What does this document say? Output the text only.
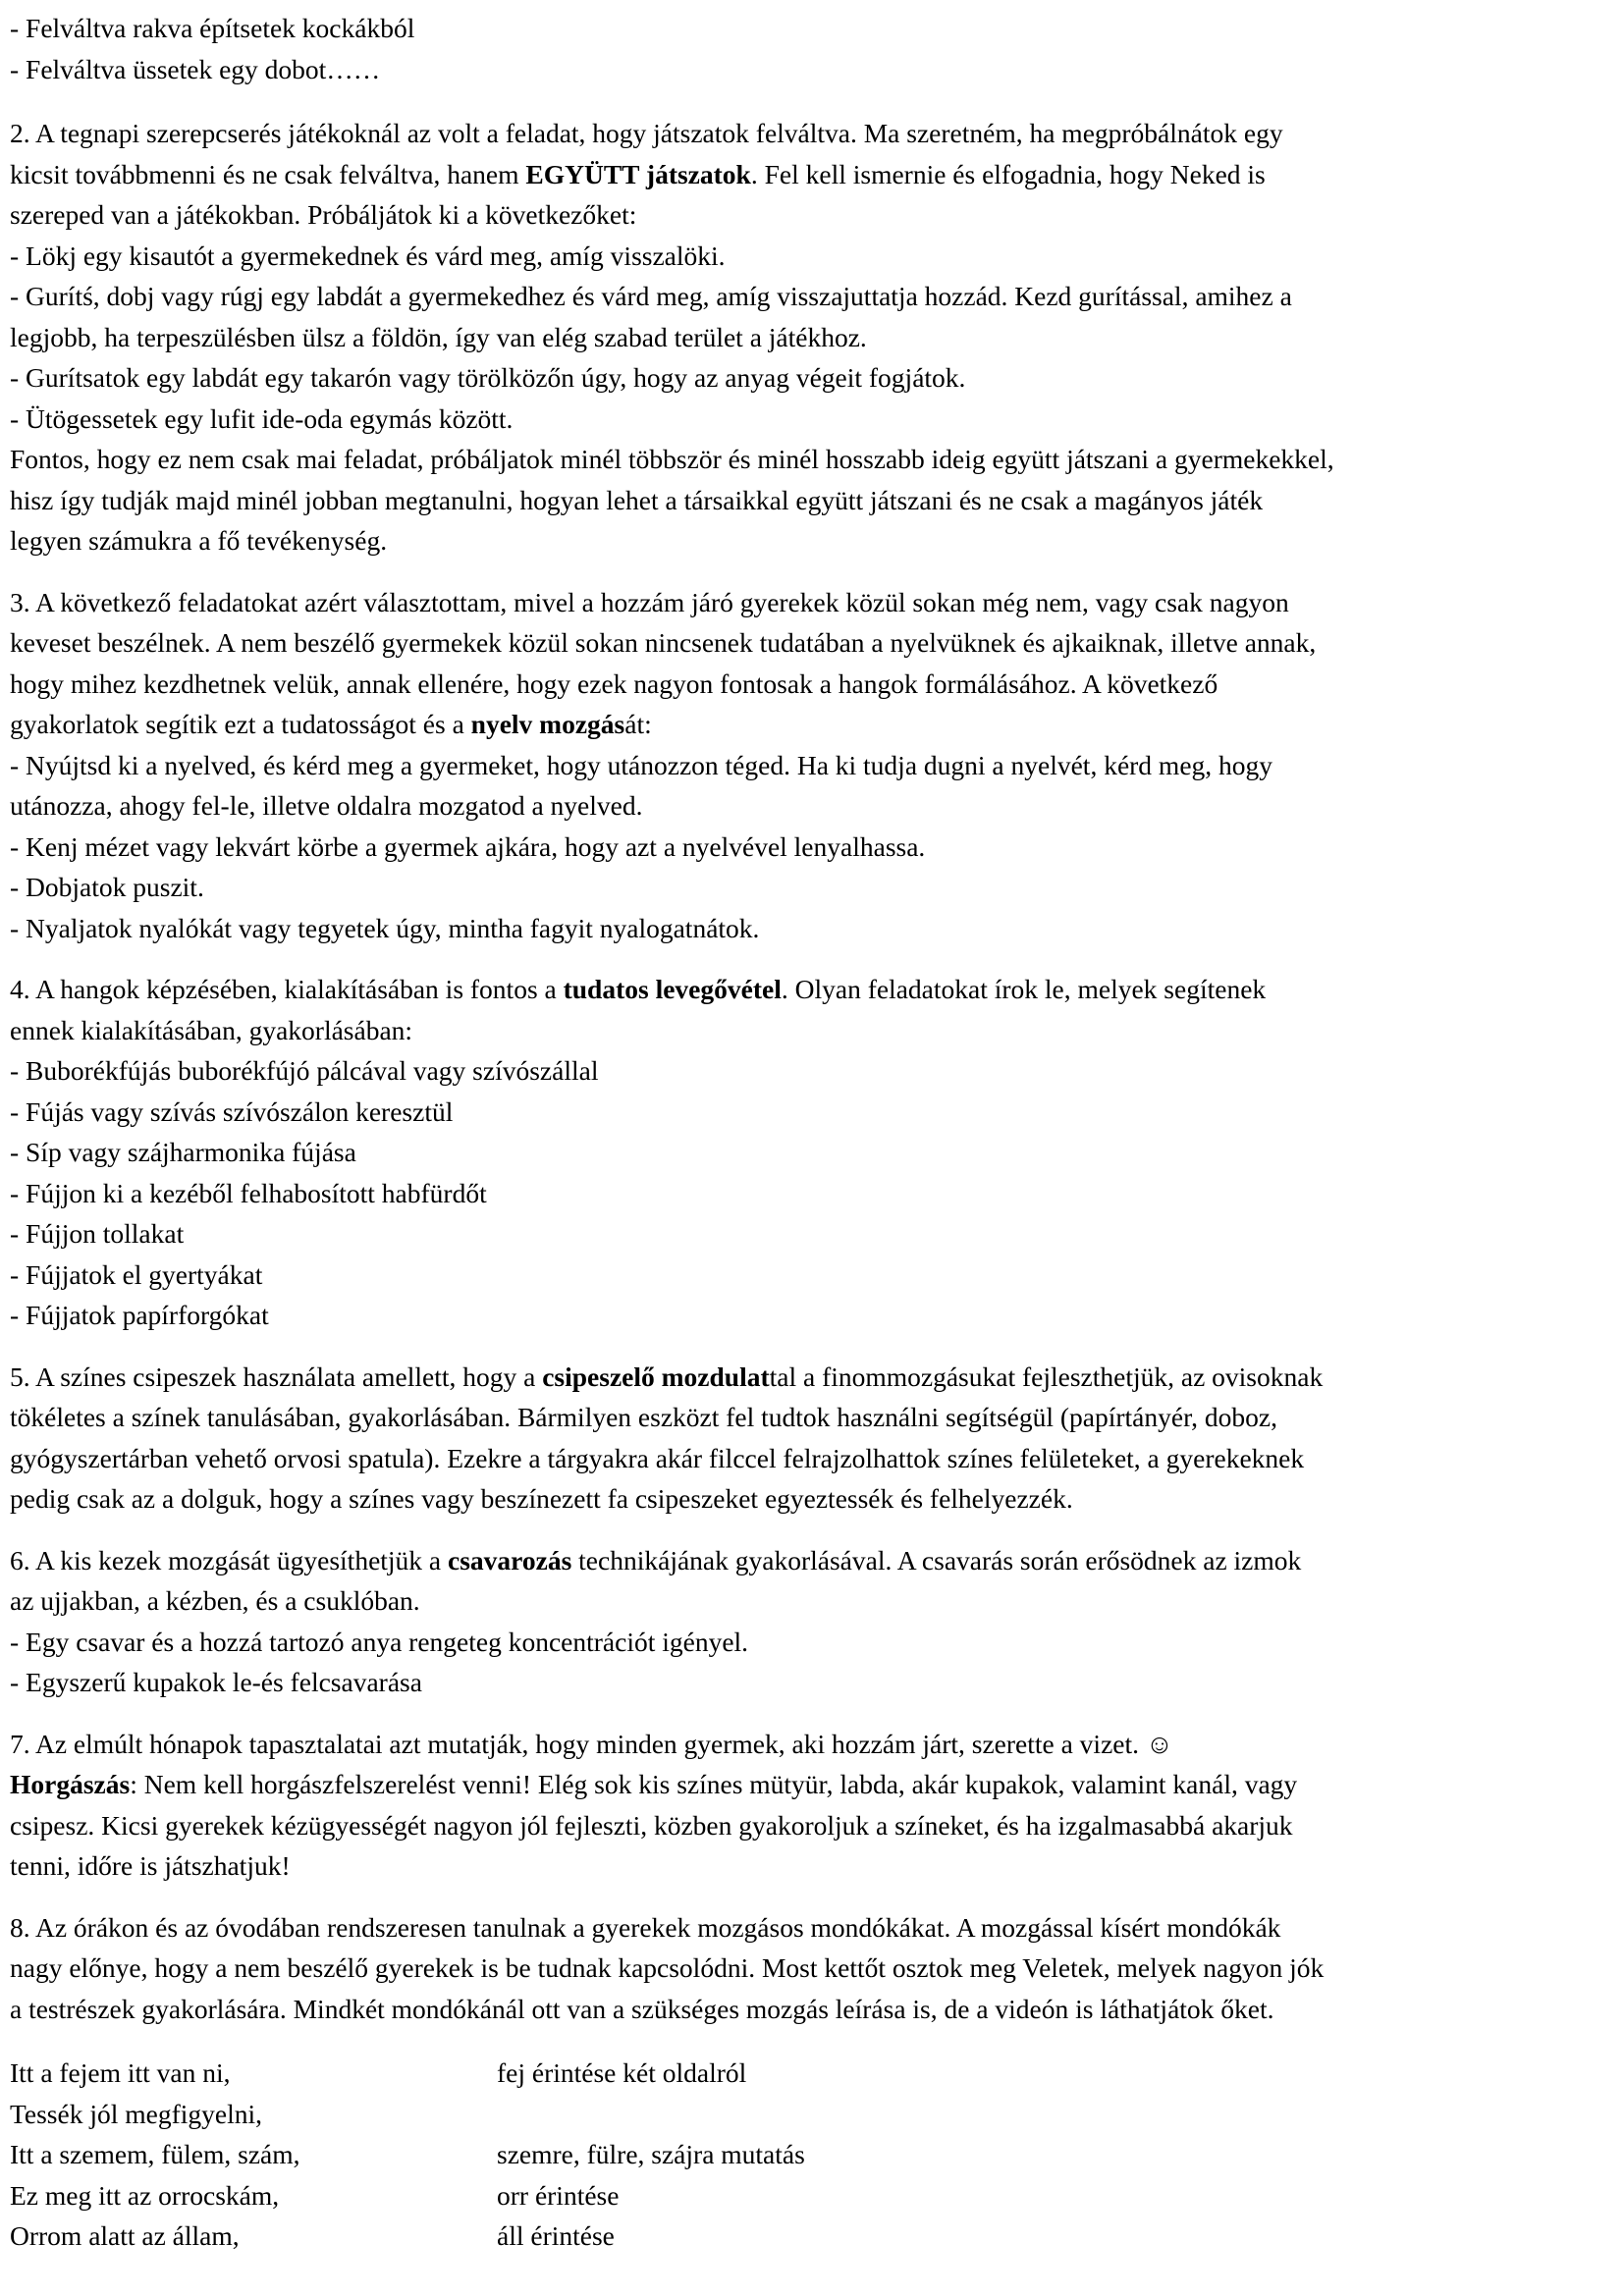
- Felváltva rakva építsetek kockákból
- Felváltva üssetek egy dobot……
2. A tegnapi szerepcserés játékoknál az volt a feladat, hogy játszatok felváltva. Ma szeretném, ha megpróbálnátok egy
kicsit továbbmenni és ne csak felváltva, hanem EGYÜTT játszatok. Fel kell ismernie és elfogadnia, hogy Neked is
szereped van a játékokban. Próbáljátok ki a következőket:
- Lökj egy kisautót a gyermekednek és várd meg, amíg visszalöki.
- Gurítś, dobj vagy rúgj egy labdát a gyermekedhez és várd meg, amíg visszajuttatja hozzád. Kezd gurítással, amihez a
legjobb, ha terpeszülésben ülsz a földön, így van elég szabad terület a játékhoz.
- Gurítsatok egy labdát egy takarón vagy törölközőn úgy, hogy az anyag végeit fogjátok.
- Ütögessetek egy lufit ide-oda egymás között.
Fontos, hogy ez nem csak mai feladat, próbáljatok minél többször és minél hosszabb ideig együtt játszani a gyermekekkel,
hisz így tudják majd minél jobban megtanulni, hogyan lehet a társaikkal együtt játszani és ne csak a magányos játék
legyen számukra a fő tevékenység.
3. A következő feladatokat azért választottam, mivel a hozzám járó gyerekek közül sokan még nem, vagy csak nagyon
keveset beszélnek. A nem beszélő gyermekek közül sokan nincsenek tudatában a nyelvüknek és ajkaiknak, illetve annak,
hogy mihez kezdhetnek velük, annak ellenére, hogy ezek nagyon fontosak a hangok formálásához. A következő
gyakorlatok segítik ezt a tudatosságot és a nyelv mozgását:
- Nyújtsd ki a nyelved, és kérd meg a gyermeket, hogy utánozzon téged. Ha ki tudja dugni a nyelvét, kérd meg, hogy
utánozza, ahogy fel-le, illetve oldalra mozgatod a nyelved.
- Kenj mézet vagy lekvárt körbe a gyermek ajkára, hogy azt a nyelvével lenyalhassa.
- Dobjatok puszit.
- Nyaljatok nyalókát vagy tegyetek úgy, mintha fagyit nyalogatnátok.
4. A hangok képzésében, kialakításában is fontos a tudatos levegővétel. Olyan feladatokat írok le, melyek segítenek
ennek kialakításában, gyakorlásában:
- Buborékfújás buborékfújó pálcával vagy szívószállal
- Fújás vagy szívás szívószálon keresztül
- Síp vagy szájharmonika fújása
- Fújjon ki a kezéből felhabosított habfürdőt
- Fújjon tollakat
- Fújjatok el gyertyákat
- Fújjatok papírforgókat
5. A színes csipeszek használata amellett, hogy a csipeszelő mozdulattal a finommozgásukat fejleszthetjük, az ovisoknak
tökéletes a színek tanulásában, gyakorlásában. Bármilyen eszközt fel tudtok használni segítségül (papírtányér, doboz,
gyógyszertárban vehető orvosi spatula). Ezekre a tárgyakra akár filccel felrajzolhattok színes felületeket, a gyerekeknek
pedig csak az a dolguk, hogy a színes vagy beszínezett fa csipeszeket egyeztessék és felhelyezzék.
6. A kis kezek mozgását ügyesíthetjük a csavarozás technikájának gyakorlásával. A csavarás során erősödnek az izmok
az ujjakban, a kézben, és a csuklóban.
- Egy csavar és a hozzá tartozó anya rengeteg koncentrációt igényel.
- Egyszerű kupakok le-és felcsavarása
7. Az elmúlt hónapok tapasztalatai azt mutatják, hogy minden gyermek, aki hozzám járt, szerette a vizet. ☺
Horgászás: Nem kell horgászfelszerelést venni! Elég sok kis színes mütyür, labda, akár kupakok, valamint kanál, vagy
csipesz. Kicsi gyerekek kézügyességét nagyon jól fejleszti, közben gyakoroljuk a színeket, és ha izgalmasabbá akarjuk
tenni, időre is játszhatjuk!
8. Az órákon és az óvodában rendszeresen tanulnak a gyerekek mozgásos mondókákat. A mozgással kísért mondókák
nagy előnye, hogy a nem beszélő gyerekek is be tudnak kapcsolódni. Most kettőt osztok meg Veletek, melyek nagyon jók
a testrészek gyakorlására. Mindkét mondókánál ott van a szükséges mozgás leírása is, de a videón is láthatjátok őket.
Itt a fejem itt van ni,	fej érintése két oldalról
Tessék jól megfigyelni,
Itt a szemem, fülem, szám,	szemre, fülre, szájra mutatás
Ez meg itt az orrocskám,	orr érintése
Orrom alatt az állam,	áll érintése
